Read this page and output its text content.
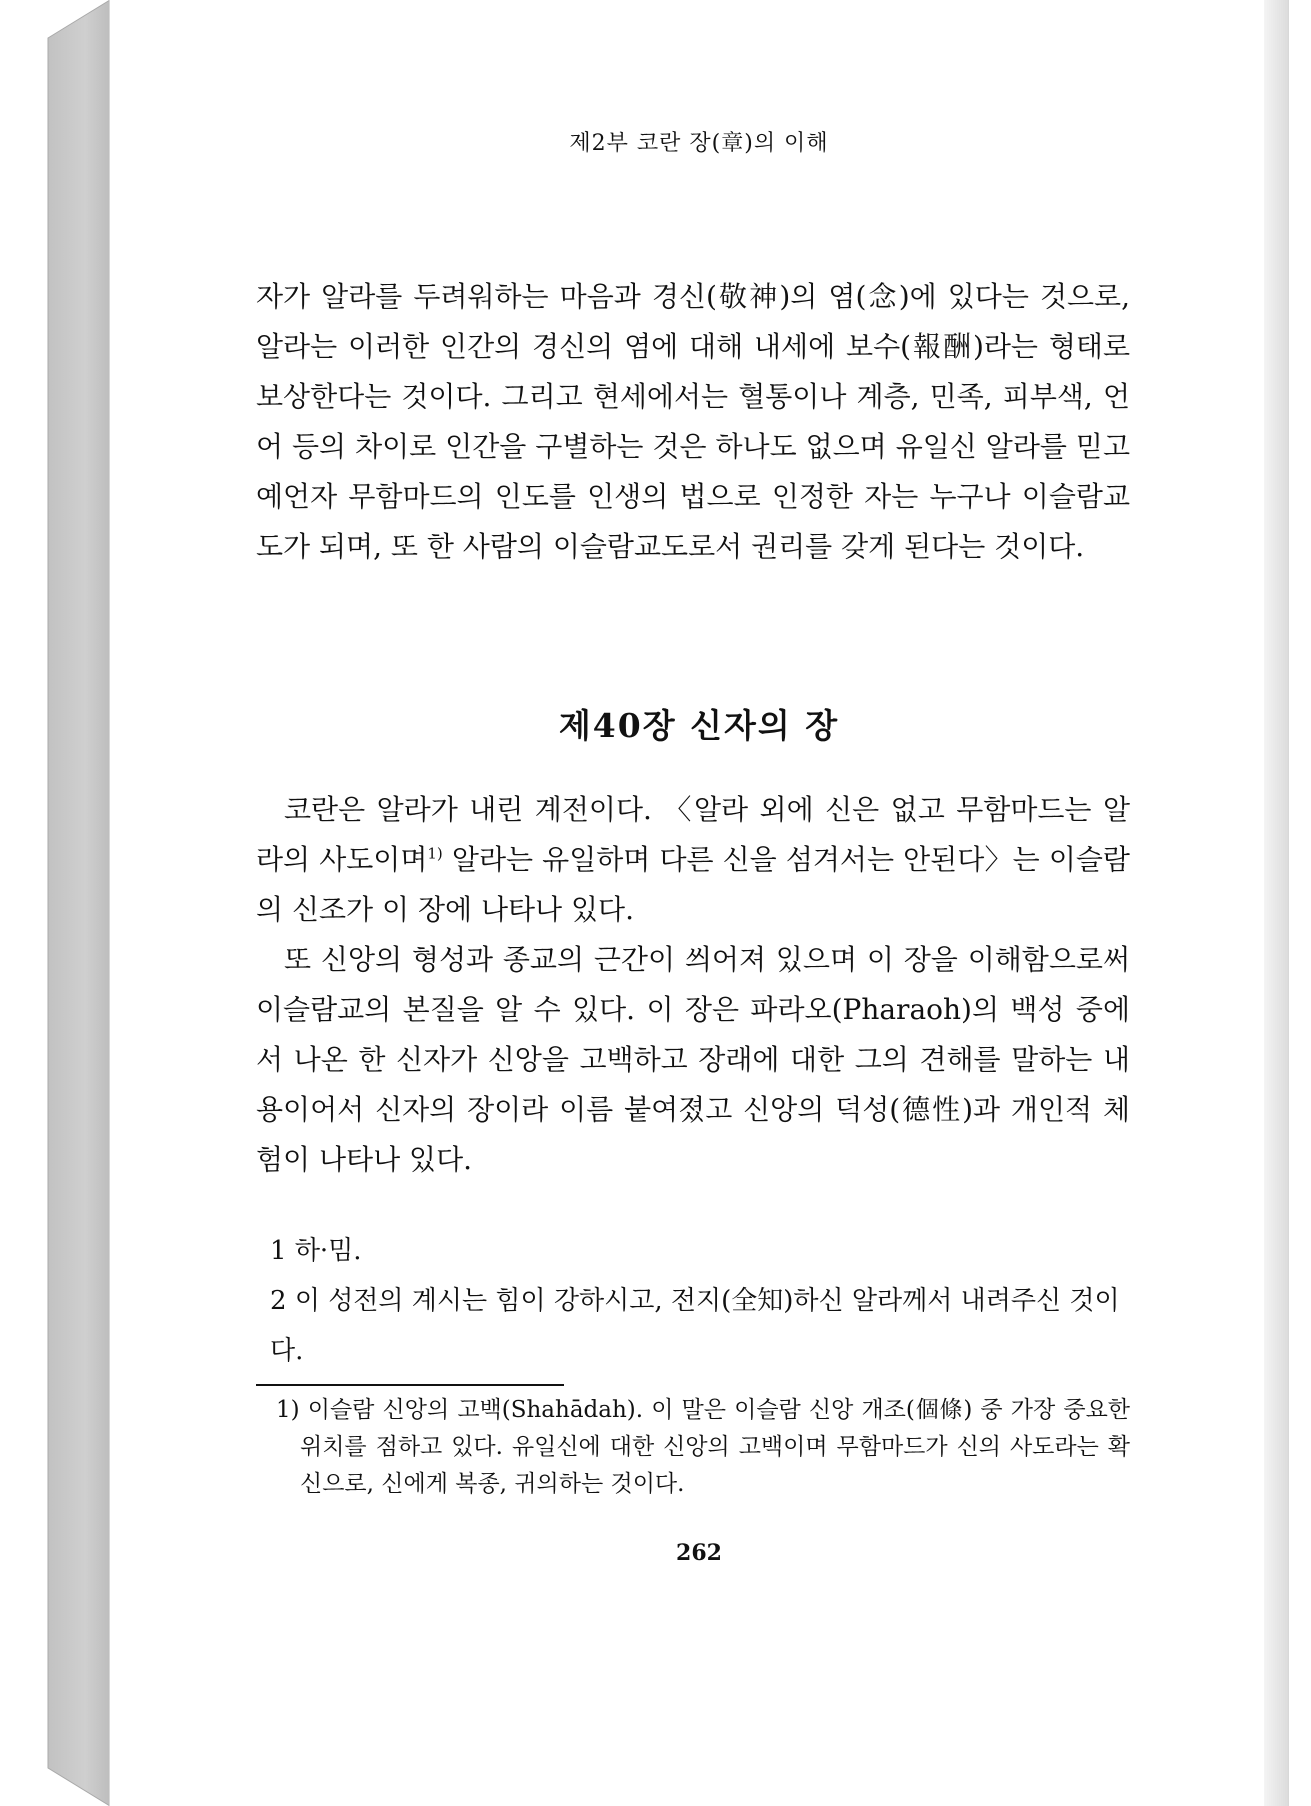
제2부 코란 장(章)의 이해

자가 알라를 두려워하는 마음과 경신(敬神)의 염(念)에 있다는 것으로, 알라는 이러한 인간의 경신의 염에 대해 내세에 보수(報酬)라는 형태로 보상한다는 것이다. 그리고 현세에서는 혈통이나 계층, 민족, 피부색, 언어 등의 차이로 인간을 구별하는 것은 하나도 없으며 유일신 알라를 믿고 예언자 무함마드의 인도를 인생의 법으로 인정한 자는 누구나 이슬람교도가 되며, 또 한 사람의 이슬람교도로서 권리를 갖게 된다는 것이다.

제40장 신자의 장

코란은 알라가 내린 계전이다. 〈알라 외에 신은 없고 무함마드는 알라의 사도이며$^{1)}$ 알라는 유일하며 다른 신을 섬겨서는 안된다〉는 이슬람의 신조가 이 장에 나타나 있다.

또 신앙의 형성과 종교의 근간이 씌어져 있으며 이 장을 이해함으로써 이슬람교의 본질을 알 수 있다. 이 장은 파라오(Pharaoh)의 백성 중에서 나온 한 신자가 신앙을 고백하고 장래에 대한 그의 견해를 말하는 내용이어서 신자의 장이라 이름 붙여졌고 신앙의 덕성(德性)과 개인적 체험이 나타나 있다.

1 하·밈.

2 이 성전의 계시는 힘이 강하시고, 전지(全知)하신 알라께서 내려주신 것이다.

1) 이슬람 신앙의 고백(Shahādah). 이 말은 이슬람 신앙 개조(個條) 중 가장 중요한 위치를 점하고 있다. 유일신에 대한 신앙의 고백이며 무함마드가 신의 사도라는 확신으로, 신에게 복종, 귀의하는 것이다.

262
